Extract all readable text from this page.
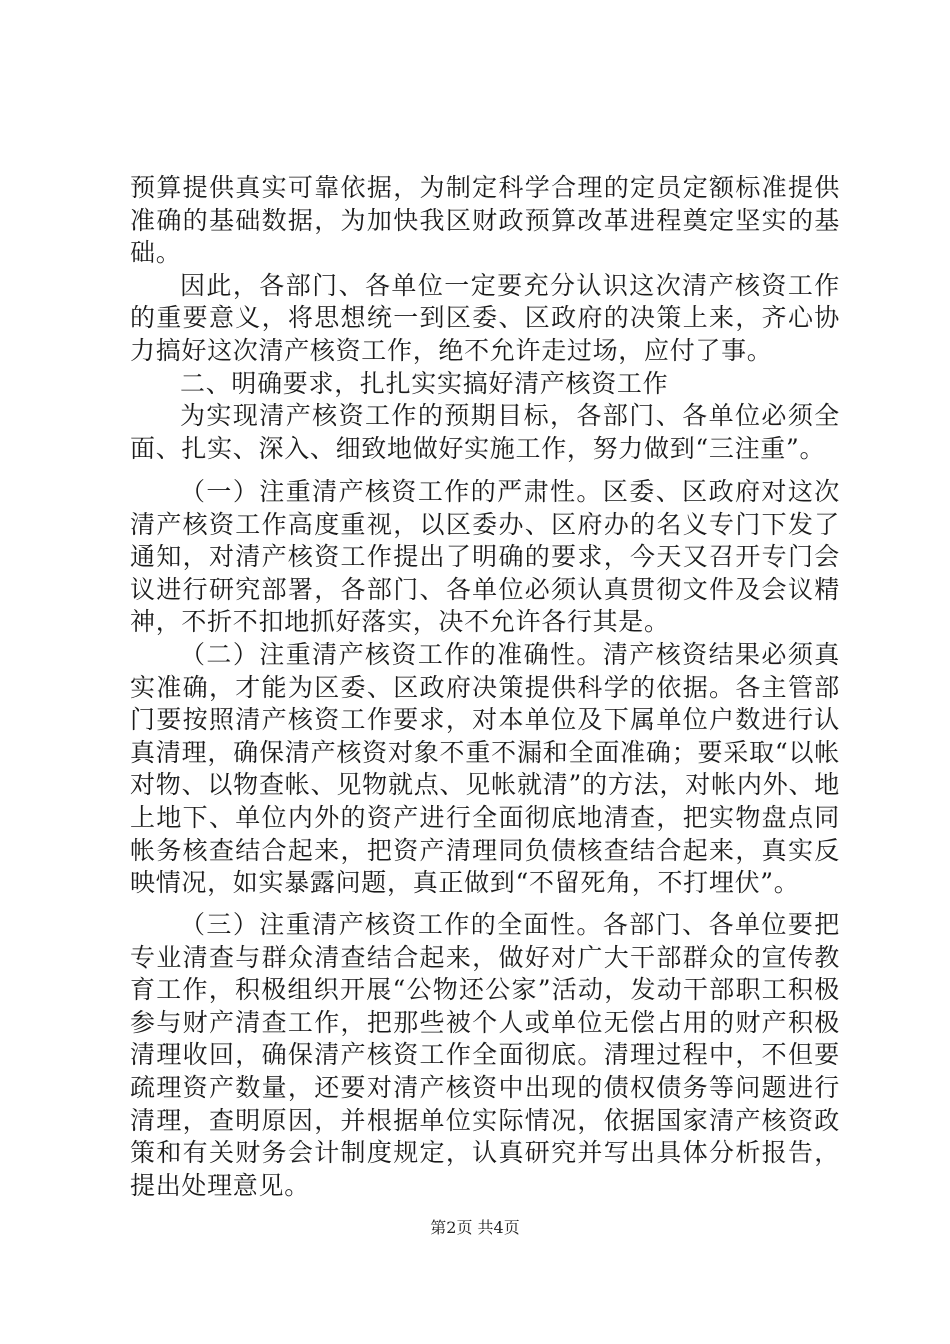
预算提供真实可靠依据，为制定科学合理的定员定额标准提供准确的基础数据，为加快我区财政预算改革进程奠定坚实的基础。

因此，各部门、各单位一定要充分认识这次清产核资工作的重要意义，将思想统一到区委、区政府的决策上来，齐心协力搞好这次清产核资工作，绝不允许走过场，应付了事。

二、明确要求，扎扎实实搞好清产核资工作

为实现清产核资工作的预期目标，各部门、各单位必须全面、扎实、深入、细致地做好实施工作，努力做到“三注重”。

（一）注重清产核资工作的严肃性。区委、区政府对这次清产核资工作高度重视，以区委办、区府办的名义专门下发了通知，对清产核资工作提出了明确的要求，今天又召开专门会议进行研究部署，各部门、各单位必须认真贯彻文件及会议精神，不折不扣地抓好落实，决不允许各行其是。

（二）注重清产核资工作的准确性。清产核资结果必须真实准确，才能为区委、区政府决策提供科学的依据。各主管部门要按照清产核资工作要求，对本单位及下属单位户数进行认真清理，确保清产核资对象不重不漏和全面准确；要采取“以帐对物、以物查帐、见物就点、见帐就清”的方法，对帐内外、地上地下、单位内外的资产进行全面彻底地清查，把实物盘点同帐务核查结合起来，把资产清理同负债核查结合起来，真实反映情况，如实暴露问题，真正做到“不留死角，不打埋伏”。

（三）注重清产核资工作的全面性。各部门、各单位要把专业清查与群众清查结合起来，做好对广大干部群众的宣传教育工作，积极组织开展“公物还公家”活动，发动干部职工积极参与财产清查工作，把那些被个人或单位无偿占用的财产积极清理收回，确保清产核资工作全面彻底。清理过程中，不但要疏理资产数量，还要对清产核资中出现的债权债务等问题进行清理，查明原因，并根据单位实际情况，依据国家清产核资政策和有关财务会计制度规定，认真研究并写出具体分析报告，提出处理意见。

第2页 共4页
